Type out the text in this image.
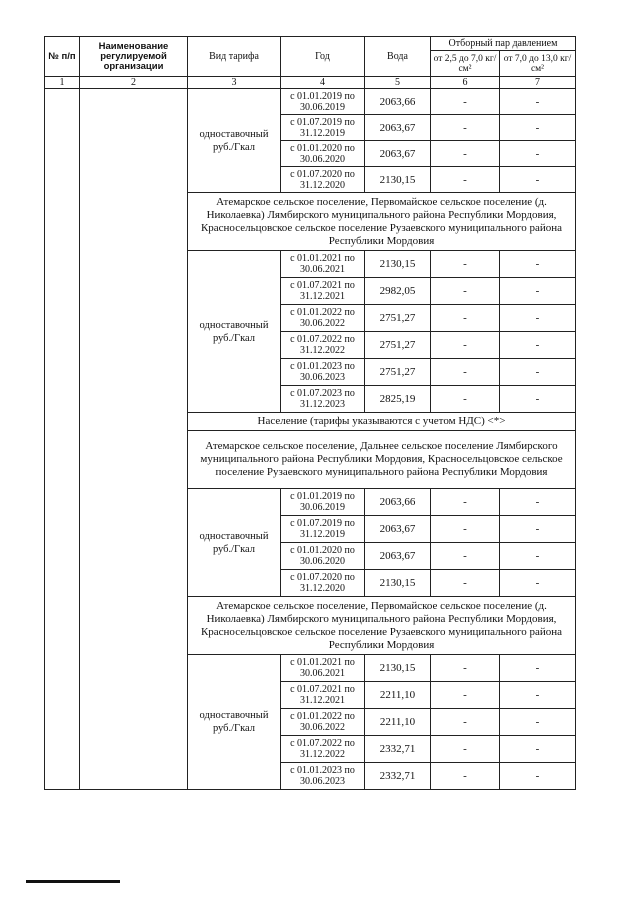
№ п/п	Наименование регулируемой организации	Вид тарифа	Год	Вода	Отборный пар давлением	
					от 2,5 до 7,0 кг/см²	от 7,0 до 13,0 кг/см²
1	2	3	4	5	6	7
		одноставочный руб./Гкал	с 01.01.2019 по 30.06.2019	2063,66	-	-
			с 01.07.2019 по 31.12.2019	2063,67	-	-
			с 01.01.2020 по 30.06.2020	2063,67	-	-
			с 01.07.2020 по 31.12.2020	2130,15	-	-
		Атемарское сельское поселение, Первомайское сельское поселение (д. Николаевка) Лямбирского муниципального района Республики Мордовия, Красносельцовское сельское поселение Рузаевского муниципального района Республики Мордовия				
		одноставочный руб./Гкал	с 01.01.2021 по 30.06.2021	2130,15	-	-
			с 01.07.2021 по 31.12.2021	2982,05	-	-
			с 01.01.2022 по 30.06.2022	2751,27	-	-
			с 01.07.2022 по 31.12.2022	2751,27	-	-
			с 01.01.2023 по 30.06.2023	2751,27	-	-
			с 01.07.2023 по 31.12.2023	2825,19	-	-
		Население (тарифы указываются с учетом НДС) <*>				
		Атемарское сельское поселение, Дальнее сельское поселение Лямбирского муниципального района Республики Мордовия, Красносельцовское сельское поселение Рузаевского муниципального района Республики Мордовия				
		одноставочный руб./Гкал	с 01.01.2019 по 30.06.2019	2063,66	-	-
			с 01.07.2019 по 31.12.2019	2063,67	-	-
			с 01.01.2020 по 30.06.2020	2063,67	-	-
			с 01.07.2020 по 31.12.2020	2130,15	-	-
		Атемарское сельское поселение, Первомайское сельское поселение (д. Николаевка) Лямбирского муниципального района Республики Мордовия, Красносельцовское сельское поселение Рузаевского муниципального района Республики Мордовия				
		одноставочный руб./Гкал	с 01.01.2021 по 30.06.2021	2130,15	-	-
			с 01.07.2021 по 31.12.2021	2211,10	-	-
			с 01.01.2022 по 30.06.2022	2211,10	-	-
			с 01.07.2022 по 31.12.2022	2332,71	-	-
			с 01.01.2023 по 30.06.2023	2332,71	-	-
